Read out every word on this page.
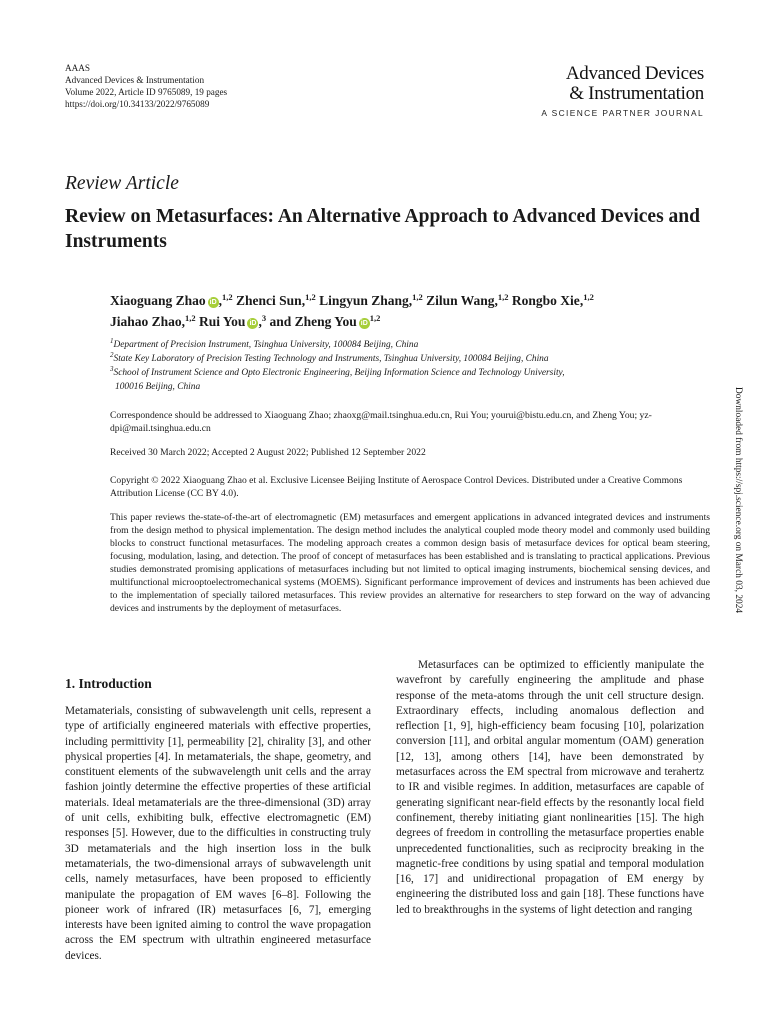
AAAS
Advanced Devices & Instrumentation
Volume 2022, Article ID 9765089, 19 pages
https://doi.org/10.34133/2022/9765089
Advanced Devices
& Instrumentation
A SCIENCE PARTNER JOURNAL
Review Article
Review on Metasurfaces: An Alternative Approach to Advanced Devices and Instruments
Xiaoguang Zhao iD ,$^{1,2}$ Zhenci Sun,$^{1,2}$ Lingyun Zhang,$^{1,2}$ Zilun Wang,$^{1,2}$ Rongbo Xie,$^{1,2}$
Jiahao Zhao,$^{1,2}$ Rui You iD ,$^3$ and Zheng You iD$^{1,2}$
$^1$Department of Precision Instrument, Tsinghua University, 100084 Beijing, China
$^2$State Key Laboratory of Precision Testing Technology and Instruments, Tsinghua University, 100084 Beijing, China
$^3$School of Instrument Science and Opto Electronic Engineering, Beijing Information Science and Technology University,
100016 Beijing, China
Correspondence should be addressed to Xiaoguang Zhao; zhaoxg@mail.tsinghua.edu.cn, Rui You; yourui@bistu.edu.cn, and Zheng You; yz-dpi@mail.tsinghua.edu.cn
Received 30 March 2022; Accepted 2 August 2022; Published 12 September 2022
Copyright © 2022 Xiaoguang Zhao et al. Exclusive Licensee Beijing Institute of Aerospace Control Devices. Distributed under a Creative Commons Attribution License (CC BY 4.0).
This paper reviews the-state-of-the-art of electromagnetic (EM) metasurfaces and emergent applications in advanced integrated devices and instruments from the design method to physical implementation. The design method includes the analytical coupled mode theory model and commonly used building blocks to construct functional metasurfaces. The modeling approach creates a common design basis of metasurface devices for optical beam steering, focusing, modulation, lasing, and detection. The proof of concept of metasurfaces has been established and is translating to practical applications. Previous studies demonstrated promising applications of metasurfaces including but not limited to optical imaging instruments, biochemical sensing devices, and multifunctional microoptoelectromechanical systems (MOEMS). Significant performance improvement of devices and instruments has been achieved due to the implementation of specially tailored metasurfaces. This review provides an alternative for researchers to step forward on the way of advancing devices and instruments by the deployment of metasurfaces.	Downloaded from https://spj.science.org on March 03, 2024
1. Introduction
Metamaterials, consisting of subwavelength unit cells, represent a type of artificially engineered materials with effective properties, including permittivity [1], permeability [2], chirality [3], and other physical properties [4]. In metamaterials, the shape, geometry, and constituent elements of the subwavelength unit cells and the array fashion jointly determine the effective properties of these artificial materials. Ideal metamaterials are the three-dimensional (3D) array of unit cells, exhibiting bulk, effective electromagnetic (EM) responses [5]. However, due to the difficulties in constructing truly 3D metamaterials and the high insertion loss in the bulk metamaterials, the two-dimensional arrays of subwavelength unit cells, namely metasurfaces, have been proposed to efficiently manipulate the propagation of EM waves [6–8]. Following the pioneer work of infrared (IR) metasurfaces [6, 7], emerging interests have been ignited aiming to control the wave propagation across the EM spectrum with ultrathin engineered metasurface devices.
Metasurfaces can be optimized to efficiently manipulate the wavefront by carefully engineering the amplitude and phase response of the meta-atoms through the unit cell structure design. Extraordinary effects, including anomalous deflection and reflection [1, 9], high-efficiency beam focusing [10], polarization conversion [11], and orbital angular momentum (OAM) generation [12, 13], among others [14], have been demonstrated by metasurfaces across the EM spectral from microwave and terahertz to IR and visible regimes. In addition, metasurfaces are capable of generating significant near-field effects by the resonantly local field confinement, thereby initiating giant nonlinearities [15]. The high degrees of freedom in controlling the metasurface properties enable unprecedented functionalities, such as reciprocity breaking in the magnetic-free conditions by using spatial and temporal modulation [16, 17] and unidirectional propagation of EM energy by engineering the distributed loss and gain [18]. These functions have led to breakthroughs in the systems of light detection and ranging
